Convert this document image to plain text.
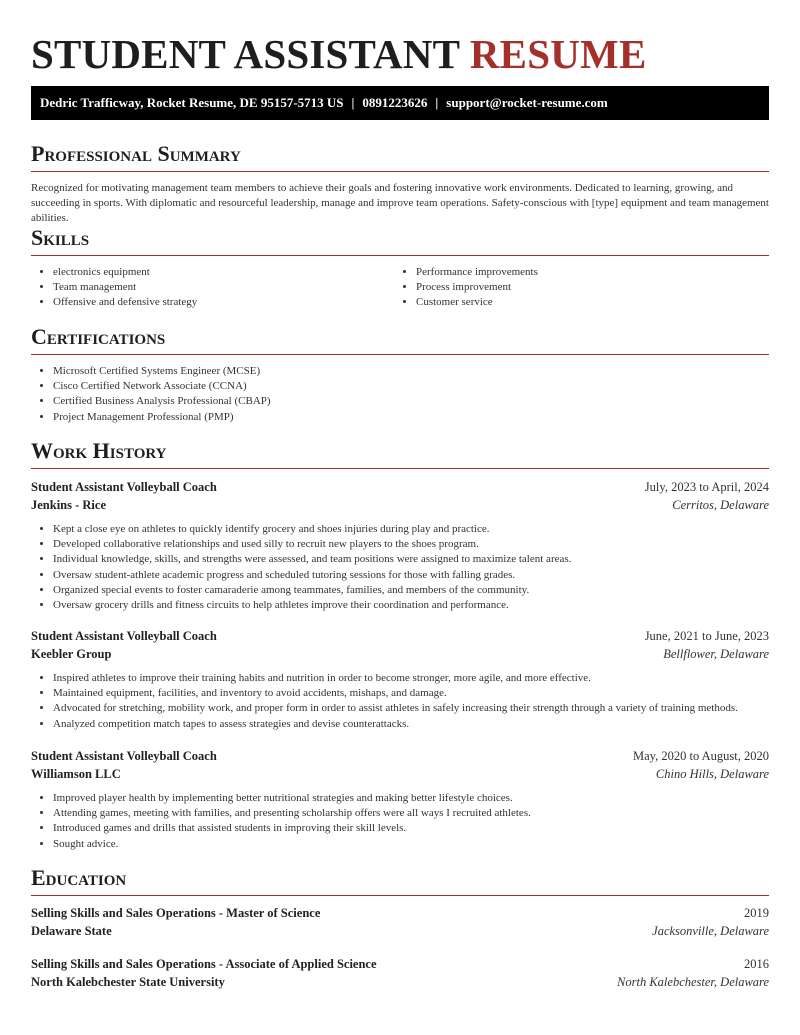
STUDENT ASSISTANT RESUME
Dedric Trafficway, Rocket Resume, DE 95157-5713 US | 0891223626 | support@rocket-resume.com
Professional Summary

Recognized for motivating management team members to achieve their goals and fostering innovative work environments. Dedicated to learning, growing, and succeeding in sports. With diplomatic and resourceful leadership, manage and improve team operations. Safety-conscious with [type] equipment and team management abilities.

Skills
• electronics equipment
• Team management
• Offensive and defensive strategy
• Performance improvements
• Process improvement
• Customer service
Certifications
• Microsoft Certified Systems Engineer (MCSE)
• Cisco Certified Network Associate (CCNA)
• Certified Business Analysis Professional (CBAP)
• Project Management Professional (PMP)
Work History
Student Assistant Volleyball Coach	July, 2023 to April, 2024
Jenkins - Rice	Cerritos, Delaware
• Kept a close eye on athletes to quickly identify grocery and shoes injuries during play and practice.
• Developed collaborative relationships and used silly to recruit new players to the shoes program.
• Individual knowledge, skills, and strengths were assessed, and team positions were assigned to maximize talent areas.
• Oversaw student-athlete academic progress and scheduled tutoring sessions for those with falling grades.
• Organized special events to foster camaraderie among teammates, families, and members of the community.
• Oversaw grocery drills and fitness circuits to help athletes improve their coordination and performance.
Student Assistant Volleyball Coach	June, 2021 to June, 2023
Keebler Group	Bellflower, Delaware
• Inspired athletes to improve their training habits and nutrition in order to become stronger, more agile, and more effective.
• Maintained equipment, facilities, and inventory to avoid accidents, mishaps, and damage.
• Advocated for stretching, mobility work, and proper form in order to assist athletes in safely increasing their strength through a variety of training methods.
• Analyzed competition match tapes to assess strategies and devise counterattacks.
Student Assistant Volleyball Coach	May, 2020 to August, 2020
Williamson LLC	Chino Hills, Delaware
• Improved player health by implementing better nutritional strategies and making better lifestyle choices.
• Attending games, meeting with families, and presenting scholarship offers were all ways I recruited athletes.
• Introduced games and drills that assisted students in improving their skill levels.
• Sought advice.
Education
Selling Skills and Sales Operations - Master of Science	2019
Delaware State	Jacksonville, Delaware
Selling Skills and Sales Operations - Associate of Applied Science	2016
North Kalebchester State University	North Kalebchester, Delaware
